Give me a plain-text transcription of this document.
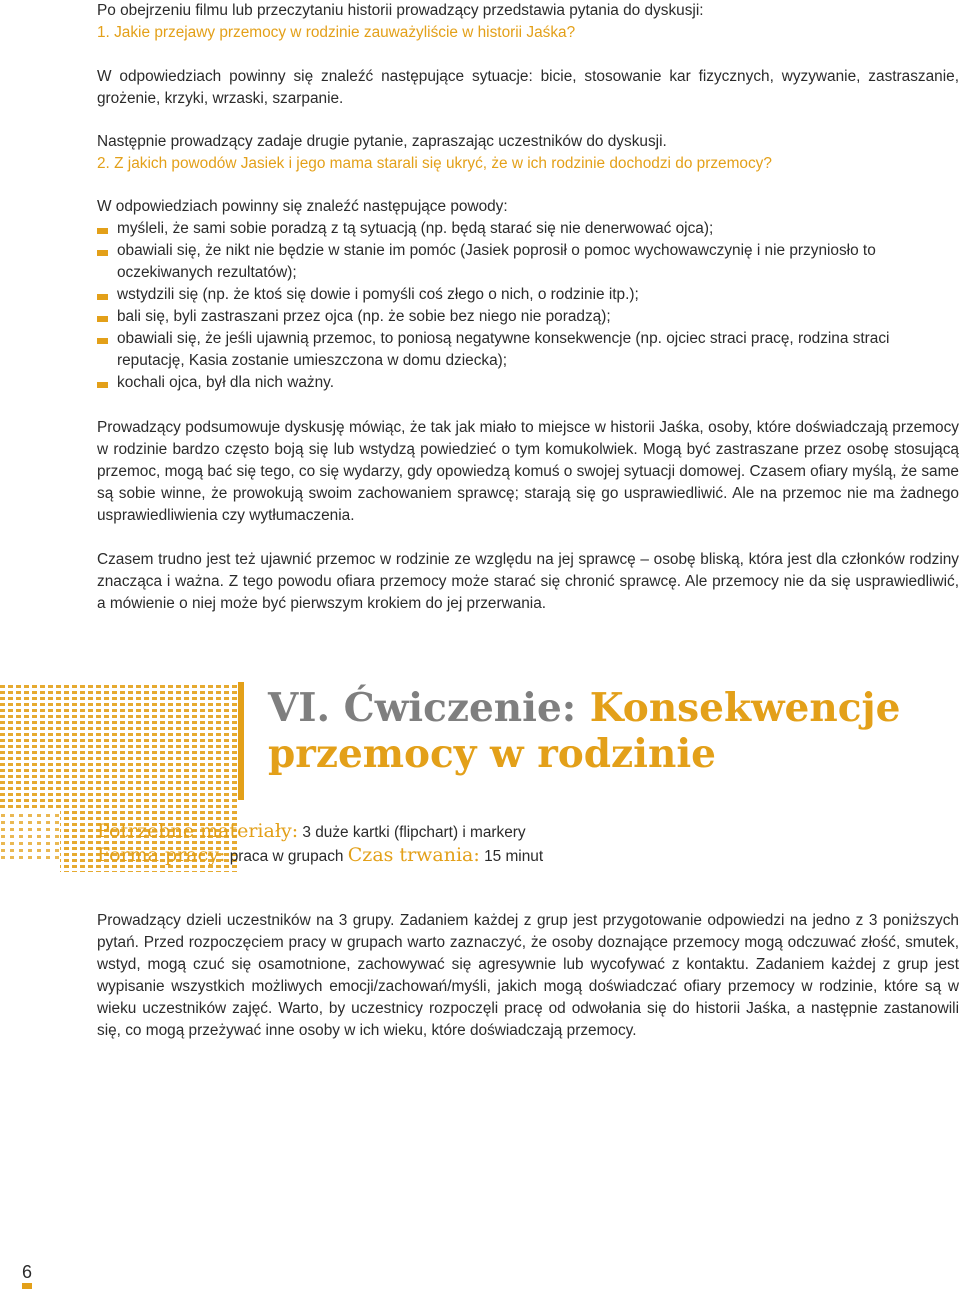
Po obejrzeniu filmu lub przeczytaniu historii prowadzący przedstawia pytania do dyskusji:

1. Jakie przejawy przemocy w rodzinie zauważyliście w historii Jaśka?

W odpowiedziach powinny się znaleźć następujące sytuacje: bicie, stosowanie kar fizycznych, wyzywanie, zastraszanie, grożenie, krzyki, wrzaski, szarpanie.

Następnie prowadzący zadaje drugie pytanie, zapraszając uczestników do dyskusji.

2. Z jakich powodów Jasiek i jego mama starali się ukryć, że w ich rodzinie dochodzi do przemocy?

W odpowiedziach powinny się znaleźć następujące powody:

myśleli, że sami sobie poradzą z tą sytuacją (np. będą starać się nie denerwować ojca);
obawiali się, że nikt nie będzie w stanie im pomóc (Jasiek poprosił o pomoc wychowawczynię i nie przyniosło to oczekiwanych rezultatów);
wstydzili się (np. że ktoś się dowie i pomyśli coś złego o nich, o rodzinie itp.);
bali się, byli zastraszani przez ojca (np. że sobie bez niego nie poradzą);
obawiali się, że jeśli ujawnią przemoc, to poniosą negatywne konsekwencje (np. ojciec straci pracę, rodzina straci reputację, Kasia zostanie umieszczona w domu dziecka);
kochali ojca, był dla nich ważny.

Prowadzący podsumowuje dyskusję mówiąc, że tak jak miało to miejsce w historii Jaśka, osoby, które doświadczają przemocy w rodzinie bardzo często boją się lub wstydzą powiedzieć o tym komukolwiek. Mogą być zastraszane przez osobę stosującą przemoc, mogą bać się tego, co się wydarzy, gdy opowiedzą komuś o swojej sytuacji domowej. Czasem ofiary myślą, że same są sobie winne, że prowokują swoim zachowaniem sprawcę; starają się go usprawiedliwić. Ale na przemoc nie ma żadnego usprawiedliwienia czy wytłumaczenia.

Czasem trudno jest też ujawnić przemoc w rodzinie ze względu na jej sprawcę – osobę bliską, która jest dla członków rodziny znacząca i ważna. Z tego powodu ofiara przemocy może starać się chronić sprawcę. Ale przemocy nie da się usprawiedliwić, a mówienie o niej może być pierwszym krokiem do jej przerwania.

VI. Ćwiczenie: Konsekwencje
przemocy w rodzinie
Potrzebne materiały: 3 duże kartki (flipchart) i markery
Forma pracy: praca w grupach Czas trwania: 15 minut

Prowadzący dzieli uczestników na 3 grupy. Zadaniem każdej z grup jest przygotowanie odpowiedzi na jedno z 3 poniższych pytań. Przed rozpoczęciem pracy w grupach warto zaznaczyć, że osoby doznające przemocy mogą odczuwać złość, smutek, wstyd, mogą czuć się osamotnione, zachowywać się agresywnie lub wycofywać z kontaktu. Zadaniem każdej z grup jest wypisanie wszystkich możliwych emocji/zachowań/myśli, jakich mogą doświadczać ofiary przemocy w rodzinie, które są w wieku uczestników zajęć. Warto, by uczestnicy rozpoczęli pracę od odwołania się do historii Jaśka, a następnie zastanowili się, co mogą przeżywać inne osoby w ich wieku, które doświadczają przemocy.

6
